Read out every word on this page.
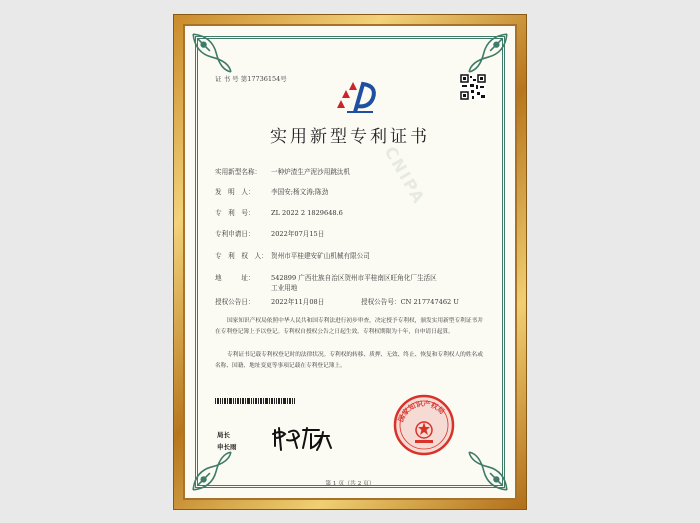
证 书 号 第17736154号
实用新型专利证书
CNIPA
实用新型名称： 一种炉渣生产泥沙用跳汰机
发　明　人： 李国安;杨文涛;陈劲
专　利　号： ZL 2022 2 1829648.6
专利申请日： 2022年07月15日
专　利　权　人： 贺州市平桂建安矿山机械有限公司
地　　　址： 542899 广西壮族自治区贺州市平桂南区旺角化厂生活区
工业用地
授权公告日： 2022年11月08日	授权公告号：CN 217747462 U
国家知识产权局依照中华人民共和国专利法进行初步审查，决定授予专利权，颁发实用新型专利证书并在专利登记簿上予以登记。专利权自授权公告之日起生效。专利权期限为十年，自申请日起算。
专利证书记载专利权登记时的法律状况。专利权的转移、质押、无效、终止、恢复和专利权人的姓名或名称、国籍、地址变更等事项记载在专利登记簿上。
局长
申长雨
国家知识产权局
第 1 页（共 2 页）
